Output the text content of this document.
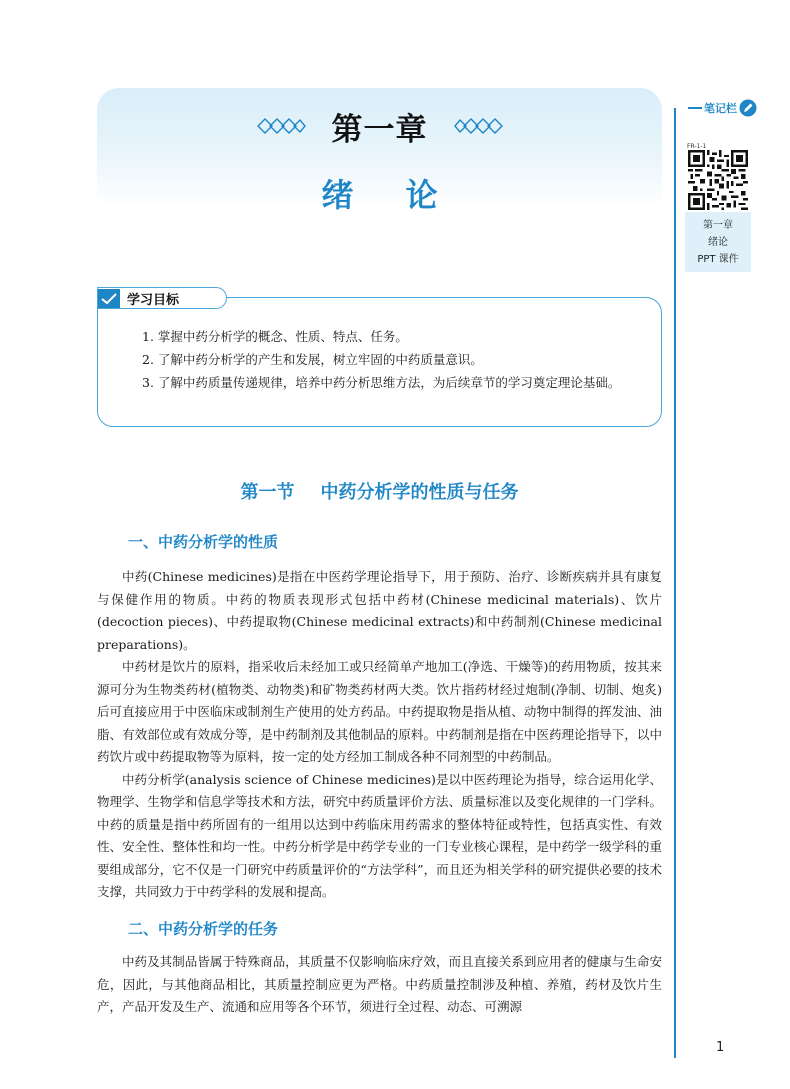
第一章
绪论
笔记栏
FR-1-1
第一章
绪论
PPT 课件
学习目标

1. 掌握中药分析学的概念、性质、特点、任务。

2. 了解中药分析学的产生和发展，树立牢固的中药质量意识。

3. 了解中药质量传递规律，培养中药分析思维方法，为后续章节的学习奠定理论基础。

第一节 中药分析学的性质与任务
一、中药分析学的性质

中药(Chinese medicines)是指在中医药学理论指导下，用于预防、治疗、诊断疾病并具有康复与保健作用的物质。中药的物质表现形式包括中药材(Chinese medicinal materials)、饮片(decoction pieces)、中药提取物(Chinese medicinal extracts)和中药制剂(Chinese medicinal preparations)。

中药材是饮片的原料，指采收后未经加工或只经简单产地加工(净选、干燥等)的药用物质，按其来源可分为生物类药材(植物类、动物类)和矿物类药材两大类。饮片指药材经过炮制(净制、切制、炮炙)后可直接应用于中医临床或制剂生产使用的处方药品。中药提取物是指从植、动物中制得的挥发油、油脂、有效部位或有效成分等，是中药制剂及其他制品的原料。中药制剂是指在中医药理论指导下，以中药饮片或中药提取物等为原料，按一定的处方经加工制成各种不同剂型的中药制品。

中药分析学(analysis science of Chinese medicines)是以中医药理论为指导，综合运用化学、物理学、生物学和信息学等技术和方法，研究中药质量评价方法、质量标准以及变化规律的一门学科。中药的质量是指中药所固有的一组用以达到中药临床用药需求的整体特征或特性，包括真实性、有效性、安全性、整体性和均一性。中药分析学是中药学专业的一门专业核心课程，是中药学一级学科的重要组成部分，它不仅是一门研究中药质量评价的“方法学科”，而且还为相关学科的研究提供必要的技术支撑，共同致力于中药学科的发展和提高。

二、中药分析学的任务

中药及其制品皆属于特殊商品，其质量不仅影响临床疗效，而且直接关系到应用者的健康与生命安危，因此，与其他商品相比，其质量控制应更为严格。中药质量控制涉及种植、养殖，药材及饮片生产，产品开发及生产、流通和应用等各个环节，须进行全过程、动态、可溯源

1
